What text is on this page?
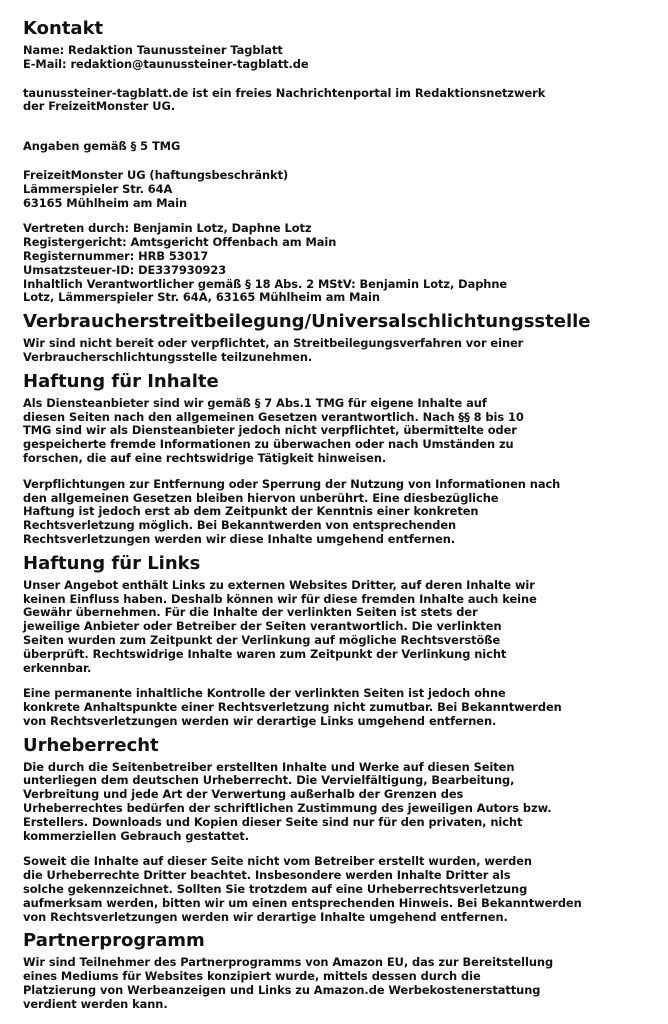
Kontakt

Name: Redaktion Taunussteiner Tagblatt
E-Mail: redaktion@taunussteiner-tagblatt.de

taunussteiner-tagblatt.de ist ein freies Nachrichtenportal im Redaktionsnetzwerk
der FreizeitMonster UG.

Angaben gemäß § 5 TMG

FreizeitMonster UG (haftungsbeschränkt)
Lämmerspieler Str. 64A
63165 Mühlheim am Main

Vertreten durch: Benjamin Lotz, Daphne Lotz
Registergericht: Amtsgericht Offenbach am Main
Registernummer: HRB 53017
Umsatzsteuer-ID: DE337930923
Inhaltlich Verantwortlicher gemäß § 18 Abs. 2 MStV: Benjamin Lotz, Daphne
Lotz, Lämmerspieler Str. 64A, 63165 Mühlheim am Main

Verbraucherstreitbeilegung/Universalschlichtungsstelle

Wir sind nicht bereit oder verpflichtet, an Streitbeilegungsverfahren vor einer
Verbraucherschlichtungsstelle teilzunehmen.

Haftung für Inhalte

Als Diensteanbieter sind wir gemäß § 7 Abs.1 TMG für eigene Inhalte auf
diesen Seiten nach den allgemeinen Gesetzen verantwortlich. Nach §§ 8 bis 10
TMG sind wir als Diensteanbieter jedoch nicht verpflichtet, übermittelte oder
gespeicherte fremde Informationen zu überwachen oder nach Umständen zu
forschen, die auf eine rechtswidrige Tätigkeit hinweisen.

Verpflichtungen zur Entfernung oder Sperrung der Nutzung von Informationen nach
den allgemeinen Gesetzen bleiben hiervon unberührt. Eine diesbezügliche
Haftung ist jedoch erst ab dem Zeitpunkt der Kenntnis einer konkreten
Rechtsverletzung möglich. Bei Bekanntwerden von entsprechenden
Rechtsverletzungen werden wir diese Inhalte umgehend entfernen.

Haftung für Links

Unser Angebot enthält Links zu externen Websites Dritter, auf deren Inhalte wir
keinen Einfluss haben. Deshalb können wir für diese fremden Inhalte auch keine
Gewähr übernehmen. Für die Inhalte der verlinkten Seiten ist stets der
jeweilige Anbieter oder Betreiber der Seiten verantwortlich. Die verlinkten
Seiten wurden zum Zeitpunkt der Verlinkung auf mögliche Rechtsverstöße
überprüft. Rechtswidrige Inhalte waren zum Zeitpunkt der Verlinkung nicht
erkennbar.

Eine permanente inhaltliche Kontrolle der verlinkten Seiten ist jedoch ohne
konkrete Anhaltspunkte einer Rechtsverletzung nicht zumutbar. Bei Bekanntwerden
von Rechtsverletzungen werden wir derartige Links umgehend entfernen.

Urheberrecht

Die durch die Seitenbetreiber erstellten Inhalte und Werke auf diesen Seiten
unterliegen dem deutschen Urheberrecht. Die Vervielfältigung, Bearbeitung,
Verbreitung und jede Art der Verwertung außerhalb der Grenzen des
Urheberrechtes bedürfen der schriftlichen Zustimmung des jeweiligen Autors bzw.
Erstellers. Downloads und Kopien dieser Seite sind nur für den privaten, nicht
kommerziellen Gebrauch gestattet.

Soweit die Inhalte auf dieser Seite nicht vom Betreiber erstellt wurden, werden
die Urheberrechte Dritter beachtet. Insbesondere werden Inhalte Dritter als
solche gekennzeichnet. Sollten Sie trotzdem auf eine Urheberrechtsverletzung
aufmerksam werden, bitten wir um einen entsprechenden Hinweis. Bei Bekanntwerden
von Rechtsverletzungen werden wir derartige Inhalte umgehend entfernen.

Partnerprogramm

Wir sind Teilnehmer des Partnerprogramms von Amazon EU, das zur Bereitstellung
eines Mediums für Websites konzipiert wurde, mittels dessen durch die
Platzierung von Werbeanzeigen und Links zu Amazon.de Werbekostenerstattung
verdient werden kann.
